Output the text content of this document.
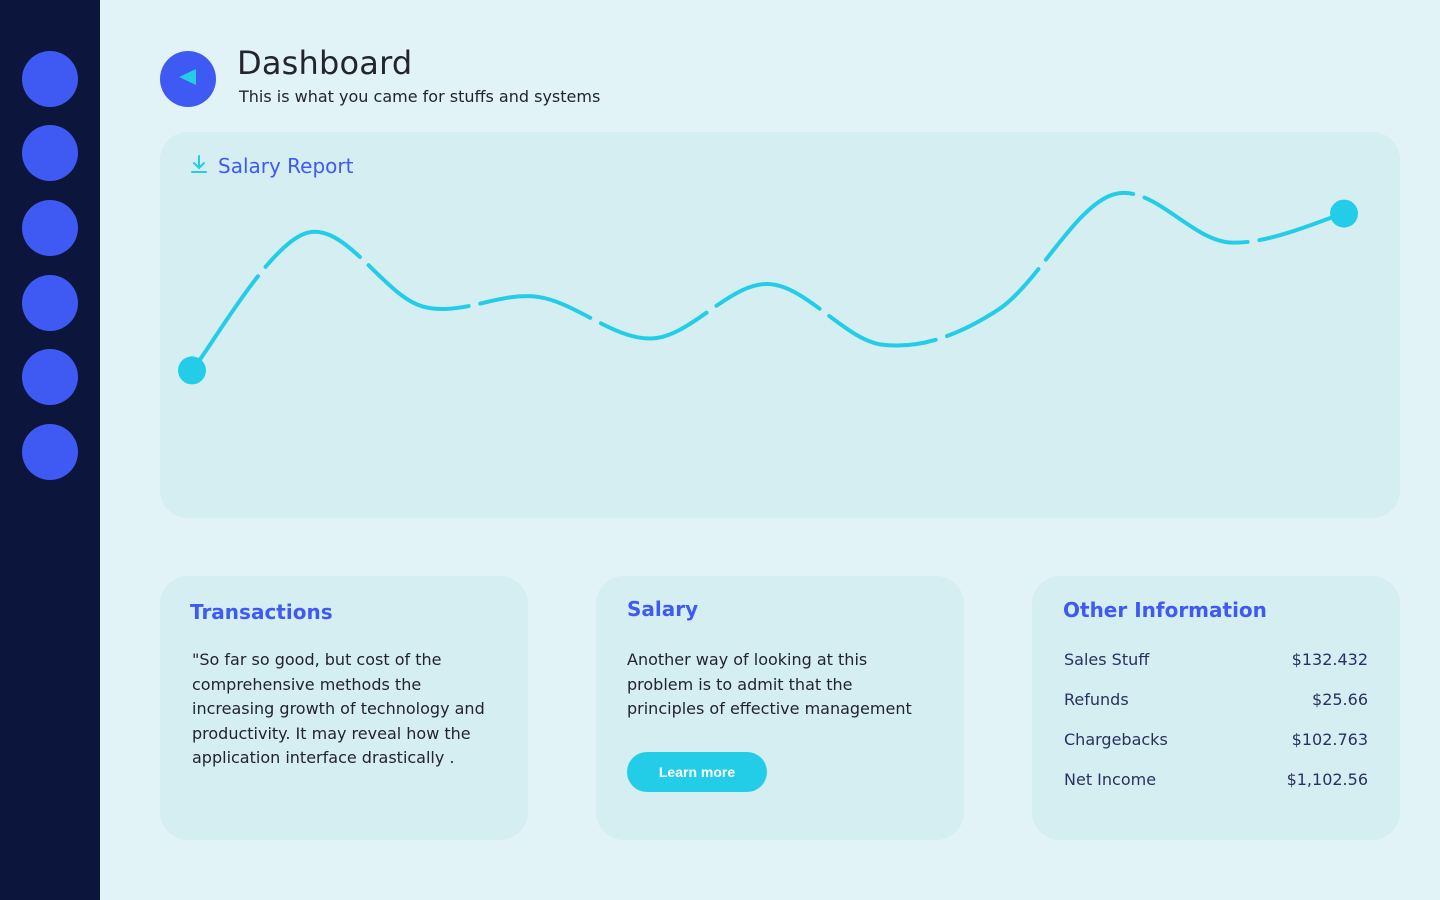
Dashboard

This is what you came for stuffs and systems

Salary Report
Transactions

"So far so good, but cost of the comprehensive methods the increasing growth of technology and productivity. It may reveal how the application interface drastically .

Salary

Another way of looking at this problem is to admit that the principles of effective management

Learn more
Other Information
Sales Stuff	$132.432
Refunds	$25.66
Chargebacks	$102.763
Net Income	$1,102.56
